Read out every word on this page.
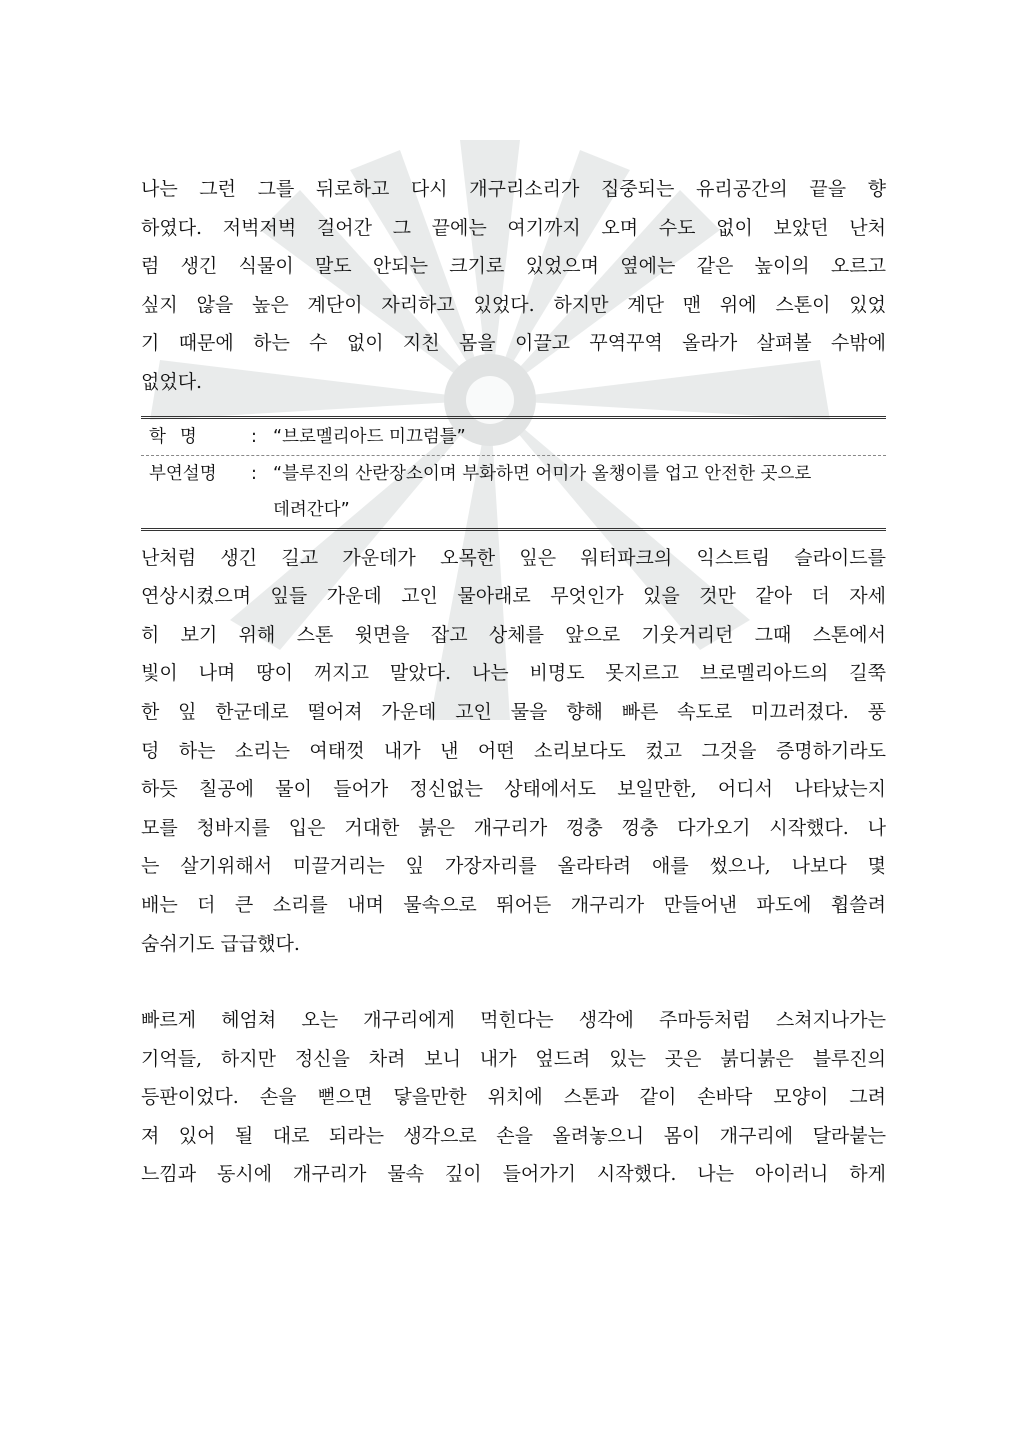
나는 그런 그를 뒤로하고 다시 개구리소리가 집중되는 유리공간의 끝을 향

하였다. 저벅저벅 걸어간 그 끝에는 여기까지 오며 수도 없이 보았던 난처

럼 생긴 식물이 말도 안되는 크기로 있었으며 옆에는 같은 높이의 오르고

싶지 않을 높은 계단이 자리하고 있었다. 하지만 계단 맨 위에 스톤이 있었

기 때문에 하는 수 없이 지친 몸을 이끌고 꾸역꾸역 올라가 살펴볼 수밖에

없었다.

학명	: “브로멜리아드 미끄럼틀”
부연설명	: “블루진의 산란장소이며 부화하면 어미가 올챙이를 업고 안전한 곳으로
데려간다”

난처럼 생긴 길고 가운데가 오목한 잎은 워터파크의 익스트림 슬라이드를

연상시켰으며 잎들 가운데 고인 물아래로 무엇인가 있을 것만 같아 더 자세

히 보기 위해 스톤 윗면을 잡고 상체를 앞으로 기웃거리던 그때 스톤에서

빛이 나며 땅이 꺼지고 말았다. 나는 비명도 못지르고 브로멜리아드의 길쭉

한 잎 한군데로 떨어져 가운데 고인 물을 향해 빠른 속도로 미끄러졌다. 풍

덩 하는 소리는 여태껏 내가 낸 어떤 소리보다도 컸고 그것을 증명하기라도

하듯 칠공에 물이 들어가 정신없는 상태에서도 보일만한, 어디서 나타났는지

모를 청바지를 입은 거대한 붉은 개구리가 껑충 껑충 다가오기 시작했다. 나

는 살기위해서 미끌거리는 잎 가장자리를 올라타려 애를 썼으나, 나보다 몇

배는 더 큰 소리를 내며 물속으로 뛰어든 개구리가 만들어낸 파도에 휩쓸려

숨쉬기도 급급했다.

빠르게 헤엄쳐 오는 개구리에게 먹힌다는 생각에 주마등처럼 스쳐지나가는

기억들, 하지만 정신을 차려 보니 내가 엎드려 있는 곳은 붉디붉은 블루진의

등판이었다. 손을 뻗으면 닿을만한 위치에 스톤과 같이 손바닥 모양이 그려

져 있어 될 대로 되라는 생각으로 손을 올려놓으니 몸이 개구리에 달라붙는

느낌과 동시에 개구리가 물속 깊이 들어가기 시작했다. 나는 아이러니 하게
